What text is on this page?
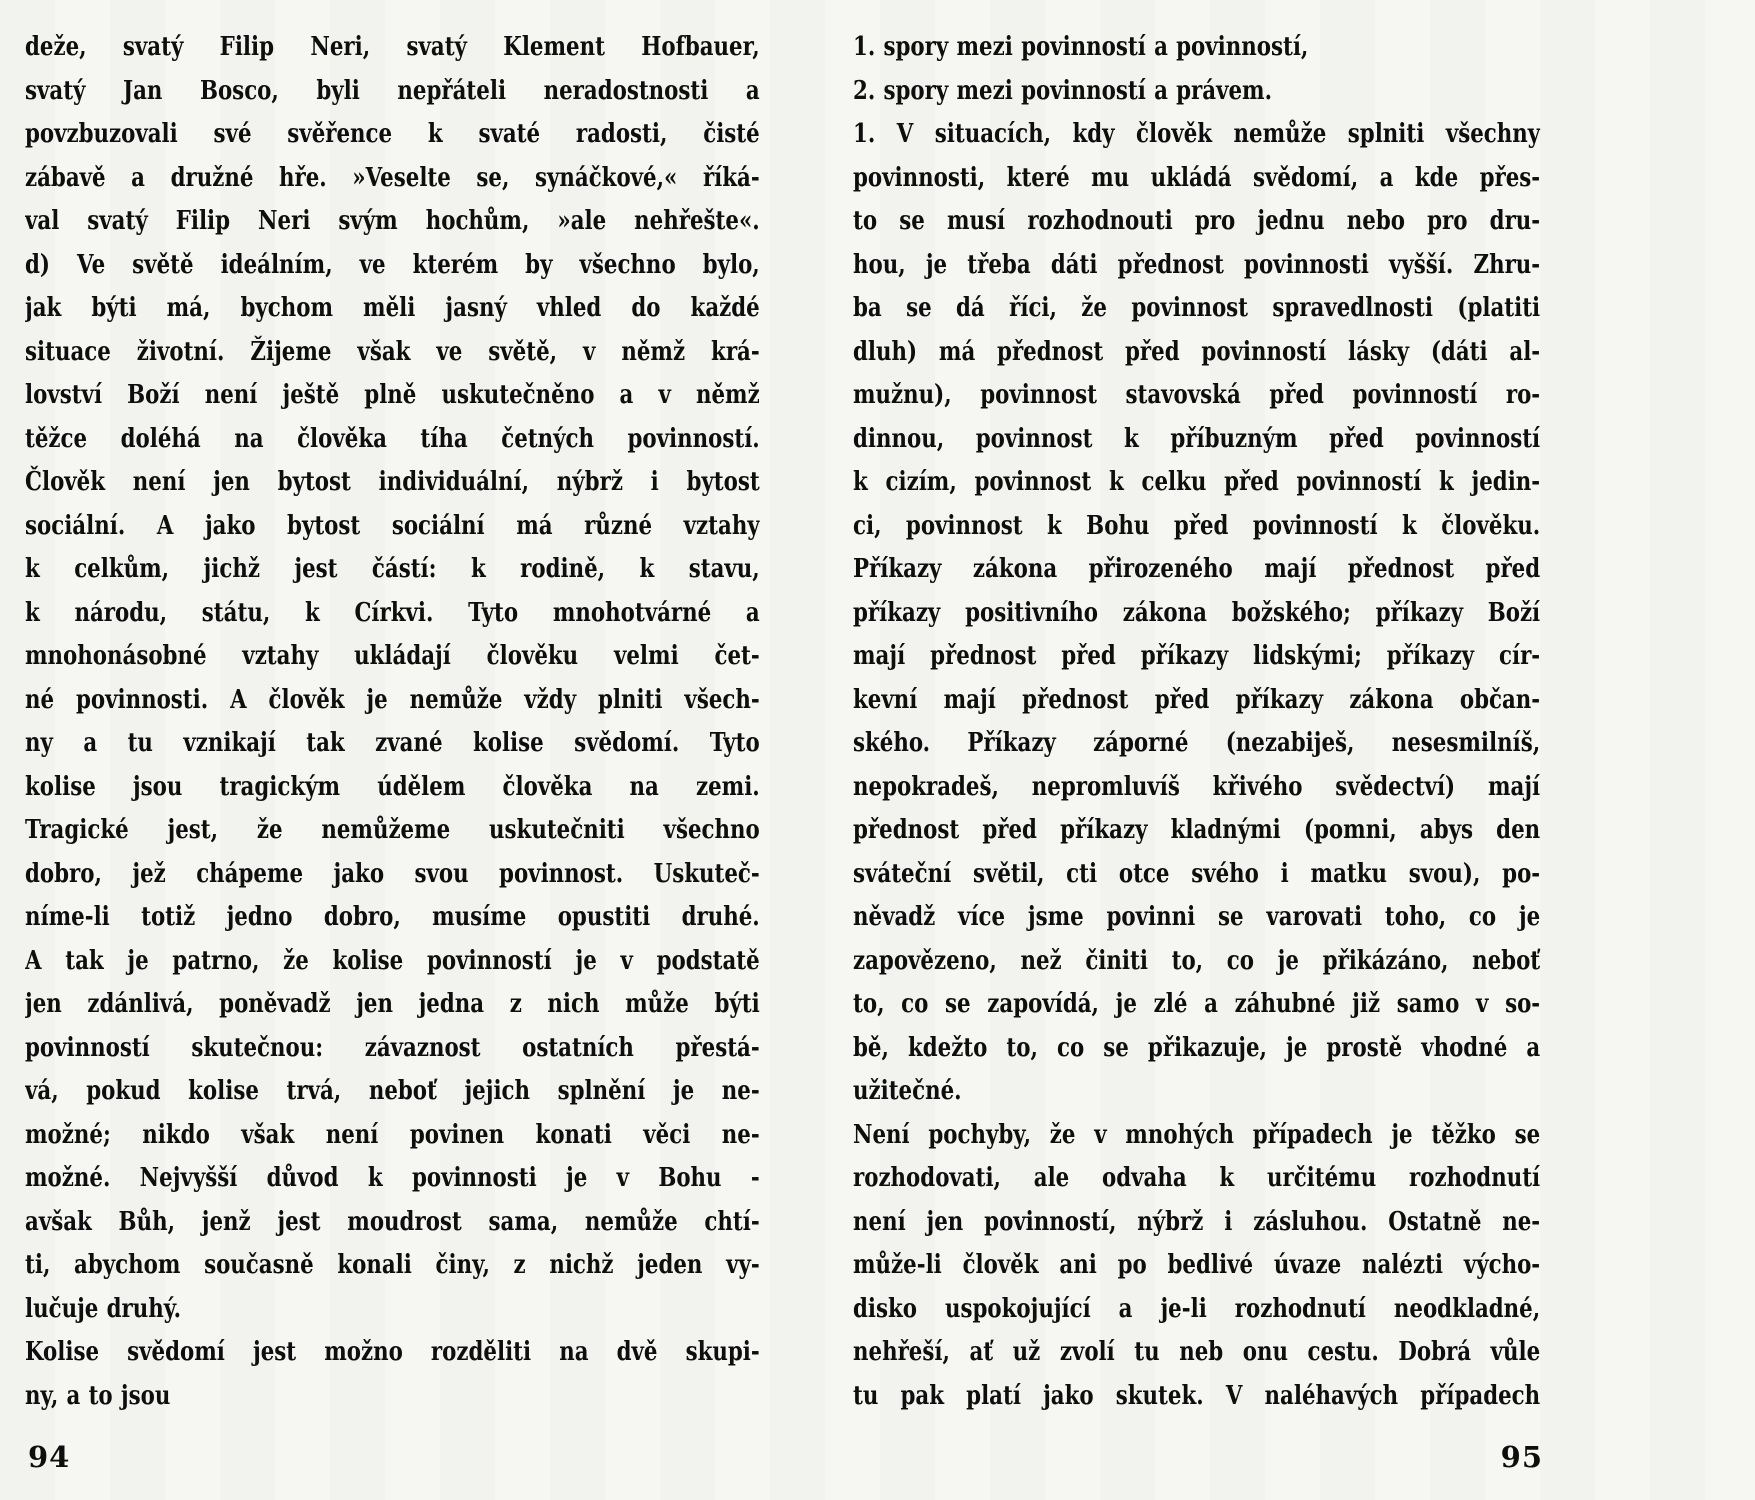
deže, svatý Filip Neri, svatý Klement Hofbauer,
svatý Jan Bosco, byli nepřáteli neradostnosti a
povzbuzovali své svěřence k svaté radosti, čisté
zábavě a družné hře. »Veselte se, synáčkové,« říká-
val svatý Filip Neri svým hochům, »ale nehřešte«.
d) Ve světě ideálním, ve kterém by všechno bylo,
jak býti má, bychom měli jasný vhled do každé
situace životní. Žijeme však ve světě, v němž krá-
lovství Boží není ještě plně uskutečněno a v němž
těžce doléhá na člověka tíha četných povinností.
Člověk není jen bytost individuální, nýbrž i bytost
sociální. A jako bytost sociální má různé vztahy
k celkům, jichž jest částí: k rodině, k stavu,
k národu, státu, k Církvi. Tyto mnohotvárné a
mnohonásobné vztahy ukládají člověku velmi čet-
né povinnosti. A člověk je nemůže vždy plniti všech-
ny a tu vznikají tak zvané kolise svědomí. Tyto
kolise jsou tragickým údělem člověka na zemi.
Tragické jest, že nemůžeme uskutečniti všechno
dobro, jež chápeme jako svou povinnost. Uskuteč-
níme-li totiž jedno dobro, musíme opustiti druhé.
A tak je patrno, že kolise povinností je v podstatě
jen zdánlivá, poněvadž jen jedna z nich může býti
povinností skutečnou: závaznost ostatních přestá-
vá, pokud kolise trvá, neboť jejich splnění je ne-
možné; nikdo však není povinen konati věci ne-
možné. Nejvyšší důvod k povinnosti je v Bohu -
avšak Bůh, jenž jest moudrost sama, nemůže chtí-
ti, abychom současně konali činy, z nichž jeden vy-
lučuje druhý.
Kolise svědomí jest možno rozděliti na dvě skupi-
ny, a to jsou
1. spory mezi povinností a povinností,
2. spory mezi povinností a právem.
1. V situacích, kdy člověk nemůže splniti všechny
povinnosti, které mu ukládá svědomí, a kde přes-
to se musí rozhodnouti pro jednu nebo pro dru-
hou, je třeba dáti přednost povinnosti vyšší. Zhru-
ba se dá říci, že povinnost spravedlnosti (platiti
dluh) má přednost před povinností lásky (dáti al-
mužnu), povinnost stavovská před povinností ro-
dinnou, povinnost k příbuzným před povinností
k cizím, povinnost k celku před povinností k jedin-
ci, povinnost k Bohu před povinností k člověku.
Příkazy zákona přirozeného mají přednost před
příkazy positivního zákona božského; příkazy Boží
mají přednost před příkazy lidskými; příkazy cír-
kevní mají přednost před příkazy zákona občan-
ského. Příkazy záporné (nezabiješ, nesesmilníš,
nepokradeš, nepromluvíš křivého svědectví) mají
přednost před příkazy kladnými (pomni, abys den
sváteční světil, cti otce svého i matku svou), po-
něvadž více jsme povinni se varovati toho, co je
zapovězeno, než činiti to, co je přikázáno, neboť
to, co se zapovídá, je zlé a záhubné již samo v so-
bě, kdežto to, co se přikazuje, je prostě vhodné a
užitečné.
Není pochyby, že v mnohých případech je těžko se
rozhodovati, ale odvaha k určitému rozhodnutí
není jen povinností, nýbrž i zásluhou. Ostatně ne-
může-li člověk ani po bedlivé úvaze nalézti výcho-
disko uspokojující a je-li rozhodnutí neodkladné,
nehřeší, ať už zvolí tu neb onu cestu. Dobrá vůle
tu pak platí jako skutek. V naléhavých případech
94	95
